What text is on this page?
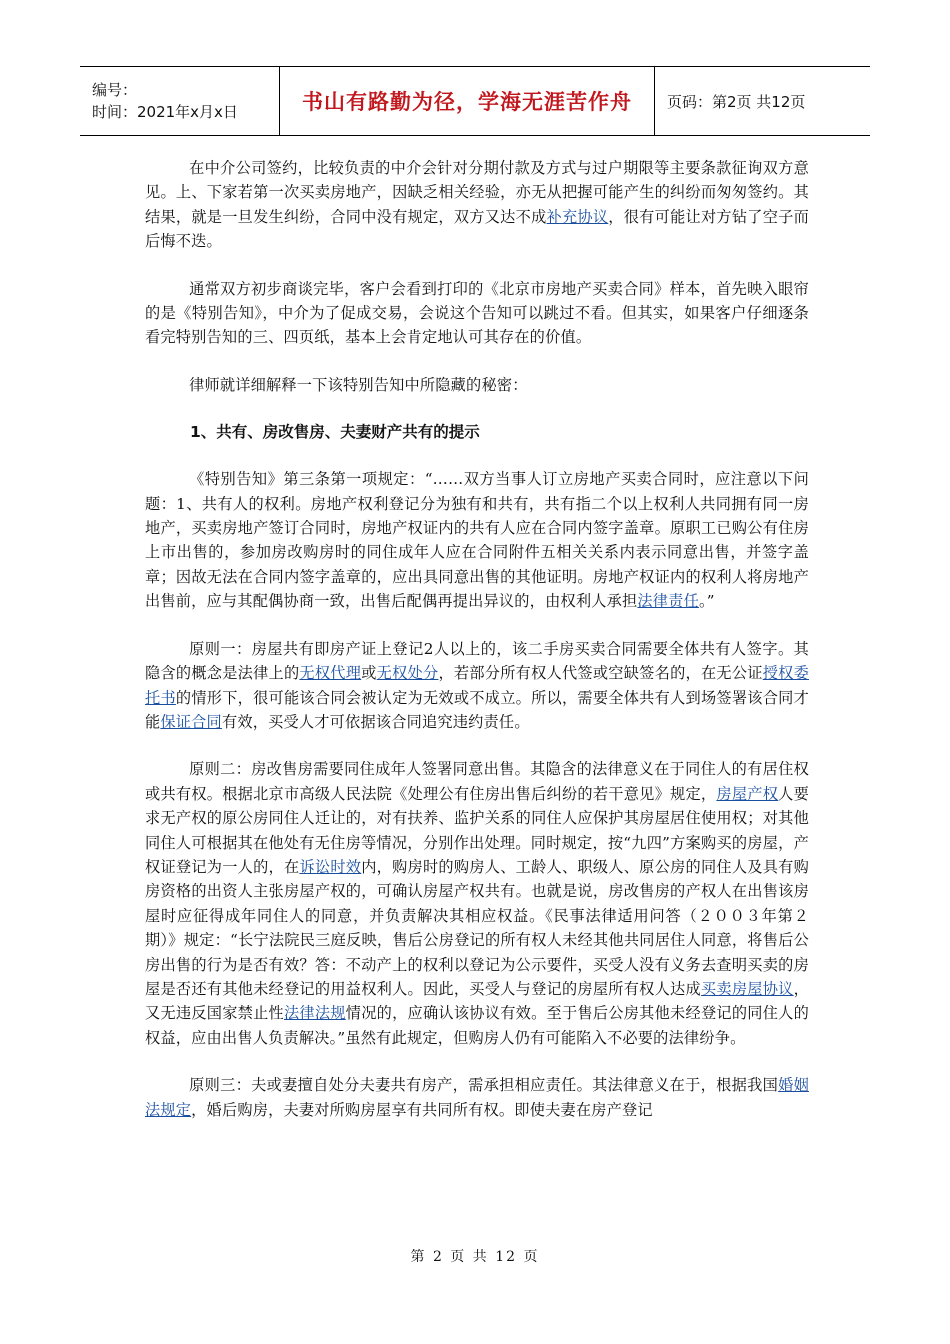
编号：
时间：2021年x月x日	书山有路勤为径，学海无涯苦作舟 页码：第2页 共12页

在中介公司签约，比较负责的中介会针对分期付款及方式与过户期限等主要条款征询双方意见。上、下家若第一次买卖房地产，因缺乏相关经验，亦无从把握可能产生的纠纷而匆匆签约。其结果，就是一旦发生纠纷，合同中没有规定，双方又达不成补充协议，很有可能让对方钻了空子而后悔不迭。

通常双方初步商谈完毕，客户会看到打印的《北京市房地产买卖合同》样本，首先映入眼帘的是《特别告知》，中介为了促成交易，会说这个告知可以跳过不看。但其实，如果客户仔细逐条看完特别告知的三、四页纸，基本上会肯定地认可其存在的价值。

律师就详细解释一下该特别告知中所隐藏的秘密：

1、共有、房改售房、夫妻财产共有的提示

《特别告知》第三条第一项规定：“……双方当事人订立房地产买卖合同时，应注意以下问题：1、共有人的权利。房地产权利登记分为独有和共有，共有指二个以上权利人共同拥有同一房地产，买卖房地产签订合同时，房地产权证内的共有人应在合同内签字盖章。原职工已购公有住房上市出售的，参加房改购房时的同住成年人应在合同附件五相关关系内表示同意出售，并签字盖章；因故无法在合同内签字盖章的，应出具同意出售的其他证明。房地产权证内的权利人将房地产出售前，应与其配偶协商一致，出售后配偶再提出异议的，由权利人承担法律责任。”

原则一：房屋共有即房产证上登记2人以上的，该二手房买卖合同需要全体共有人签字。其隐含的概念是法律上的无权代理或无权处分，若部分所有权人代签或空缺签名的，在无公证授权委托书的情形下，很可能该合同会被认定为无效或不成立。所以，需要全体共有人到场签署该合同才能保证合同有效，买受人才可依据该合同追究违约责任。

原则二：房改售房需要同住成年人签署同意出售。其隐含的法律意义在于同住人的有居住权或共有权。根据北京市高级人民法院《处理公有住房出售后纠纷的若干意见》规定，房屋产权人要求无产权的原公房同住人迁让的，对有扶养、监护关系的同住人应保护其房屋居住使用权；对其他同住人可根据其在他处有无住房等情况，分别作出处理。同时规定，按“九四”方案购买的房屋，产权证登记为一人的，在诉讼时效内，购房时的购房人、工龄人、职级人、原公房的同住人及具有购房资格的出资人主张房屋产权的，可确认房屋产权共有。也就是说，房改售房的产权人在出售该房屋时应征得成年同住人的同意，并负责解决其相应权益。《民事法律适用问答（２００３年第２期）》规定：“长宁法院民三庭反映，售后公房登记的所有权人未经其他共同居住人同意，将售后公房出售的行为是否有效？答：不动产上的权利以登记为公示要件，买受人没有义务去查明买卖的房屋是否还有其他未经登记的用益权利人。因此，买受人与登记的房屋所有权人达成买卖房屋协议，又无违反国家禁止性法律法规情况的，应确认该协议有效。至于售后公房其他未经登记的同住人的权益，应由出售人负责解决。”虽然有此规定，但购房人仍有可能陷入不必要的法律纷争。

原则三：夫或妻擅自处分夫妻共有房产，需承担相应责任。其法律意义在于，根据我国婚姻法规定，婚后购房，夫妻对所购房屋享有共同所有权。即使夫妻在房产登记

第 2 页 共 12 页
